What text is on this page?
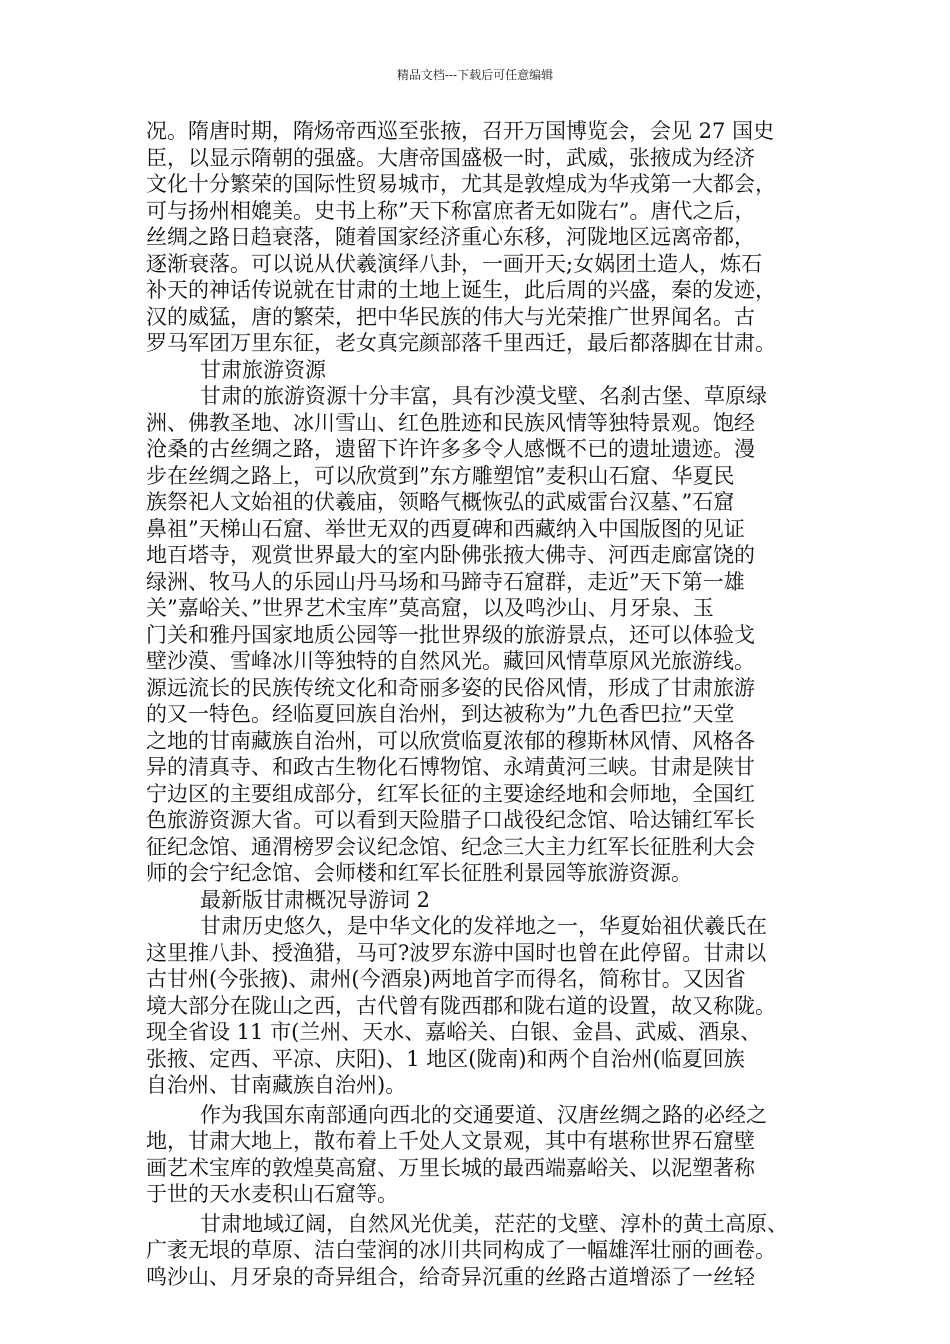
精品文档---下载后可任意编辑
况。隋唐时期，隋炀帝西巡至张掖，召开万国博览会，会见 27 国史
臣，以显示隋朝的强盛。大唐帝国盛极一时，武威，张掖成为经济
文化十分繁荣的国际性贸易城市，尤其是敦煌成为华戎第一大都会，
可与扬州相媲美。史书上称”天下称富庶者无如陇右”。唐代之后，
丝绸之路日趋衰落，随着国家经济重心东移，河陇地区远离帝都，
逐渐衰落。可以说从伏羲演绎八卦，一画开天;女娲团土造人，炼石
补天的神话传说就在甘肃的土地上诞生，此后周的兴盛，秦的发迹，
汉的威猛，唐的繁荣，把中华民族的伟大与光荣推广世界闻名。古
罗马军团万里东征，老女真完颜部落千里西迁，最后都落脚在甘肃。
甘肃旅游资源
甘肃的旅游资源十分丰富，具有沙漠戈壁、名刹古堡、草原绿
洲、佛教圣地、冰川雪山、红色胜迹和民族风情等独特景观。饱经
沧桑的古丝绸之路，遗留下许许多多令人感慨不已的遗址遗迹。漫
步在丝绸之路上，可以欣赏到”东方雕塑馆”麦积山石窟、华夏民
族祭祀人文始祖的伏羲庙，领略气概恢弘的武威雷台汉墓、”石窟
鼻祖”天梯山石窟、举世无双的西夏碑和西藏纳入中国版图的见证
地百塔寺，观赏世界最大的室内卧佛张掖大佛寺、河西走廊富饶的
绿洲、牧马人的乐园山丹马场和马蹄寺石窟群，走近”天下第一雄
关”嘉峪关、”世界艺术宝库”莫高窟，以及鸣沙山、月牙泉、玉
门关和雅丹国家地质公园等一批世界级的旅游景点，还可以体验戈
壁沙漠、雪峰冰川等独特的自然风光。藏回风情草原风光旅游线。
源远流长的民族传统文化和奇丽多姿的民俗风情，形成了甘肃旅游
的又一特色。经临夏回族自治州，到达被称为”九色香巴拉”天堂
之地的甘南藏族自治州，可以欣赏临夏浓郁的穆斯林风情、风格各
异的清真寺、和政古生物化石博物馆、永靖黄河三峡。甘肃是陕甘
宁边区的主要组成部分，红军长征的主要途经地和会师地，全国红
色旅游资源大省。可以看到天险腊子口战役纪念馆、哈达铺红军长
征纪念馆、通渭榜罗会议纪念馆、纪念三大主力红军长征胜利大会
师的会宁纪念馆、会师楼和红军长征胜利景园等旅游资源。
最新版甘肃概况导游词 2
甘肃历史悠久，是中华文化的发祥地之一，华夏始祖伏羲氏在
这里推八卦、授渔猎，马可?波罗东游中国时也曾在此停留。甘肃以
古甘州(今张掖)、肃州(今酒泉)两地首字而得名，简称甘。又因省
境大部分在陇山之西，古代曾有陇西郡和陇右道的设置，故又称陇。
现全省设 11 市(兰州、天水、嘉峪关、白银、金昌、武威、酒泉、
张掖、定西、平凉、庆阳)、1 地区(陇南)和两个自治州(临夏回族
自治州、甘南藏族自治州)。
作为我国东南部通向西北的交通要道、汉唐丝绸之路的必经之
地，甘肃大地上，散布着上千处人文景观，其中有堪称世界石窟壁
画艺术宝库的敦煌莫高窟、万里长城的最西端嘉峪关、以泥塑著称
于世的天水麦积山石窟等。
甘肃地域辽阔，自然风光优美，茫茫的戈壁、淳朴的黄土高原、
广袤无垠的草原、洁白莹润的冰川共同构成了一幅雄浑壮丽的画卷。
鸣沙山、月牙泉的奇异组合，给奇异沉重的丝路古道增添了一丝轻
